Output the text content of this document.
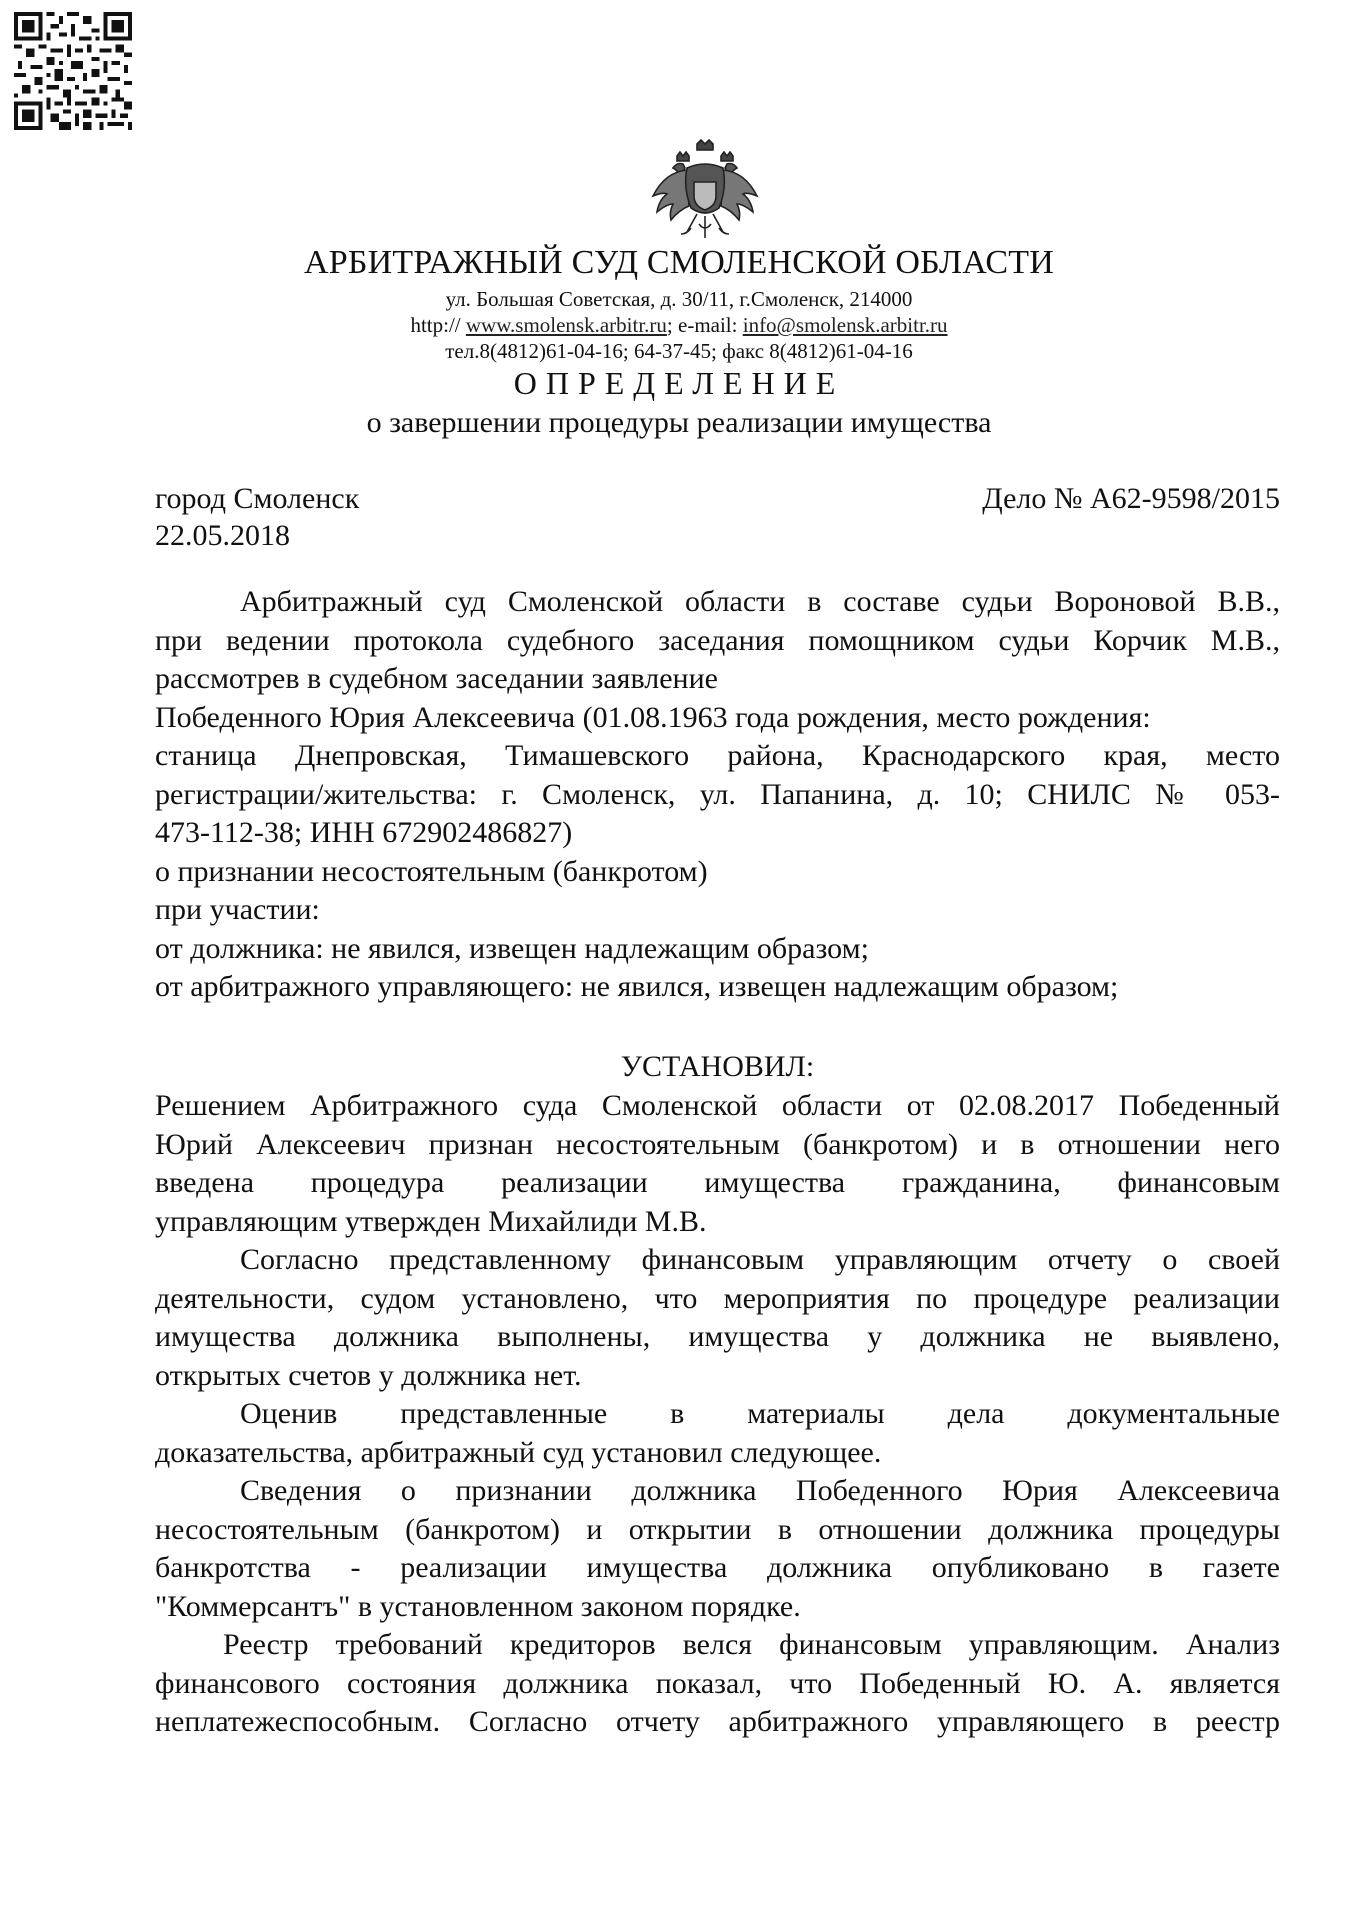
АРБИТРАЖНЫЙ СУД СМОЛЕНСКОЙ ОБЛАСТИ
ул. Большая Советская, д. 30/11, г.Смоленск, 214000
http:// www.smolensk.arbitr.ru; e-mail: info@smolensk.arbitr.ru
тел.8(4812)61-04-16; 64-37-45; факс 8(4812)61-04-16
ОПРЕДЕЛЕНИЕ
о завершении процедуры реализации имущества
город Смоленск
22.05.2018
Дело № А62-9598/2015
Арбитражный суд Смоленской области в составе судьи Вороновой В.В.,
при ведении протокола судебного заседания помощником судьи Корчик М.В.,
рассмотрев в судебном заседании заявление
Победенного Юрия Алексеевича (01.08.1963 года рождения, место рождения:
станица Днепровская, Тимашевского района, Краснодарского края, место
регистрации/жительства: г. Смоленск, ул. Папанина, д. 10; СНИЛС № 053-
473-112-38; ИНН 672902486827)
о признании несостоятельным (банкротом)
при участии:
от должника: не явился, извещен надлежащим образом;
от арбитражного управляющего: не явился, извещен надлежащим образом;
УСТАНОВИЛ:
Решением Арбитражного суда Смоленской области от 02.08.2017 Победенный
Юрий Алексеевич признан несостоятельным (банкротом) и в отношении него
введена процедура реализации имущества гражданина, финансовым
управляющим утвержден Михайлиди М.В.
Согласно представленному финансовым управляющим отчету о своей
деятельности, судом установлено, что мероприятия по процедуре реализации
имущества должника выполнены, имущества у должника не выявлено,
открытых счетов у должника нет.
Оценив представленные в материалы дела документальные
доказательства, арбитражный суд установил следующее.
Сведения о признании должника Победенного Юрия Алексеевича
несостоятельным (банкротом) и открытии в отношении должника процедуры
банкротства - реализации имущества должника опубликовано в газете
"Коммерсантъ" в установленном законом порядке.
Реестр требований кредиторов велся финансовым управляющим. Анализ
финансового состояния должника показал, что Победенный Ю. А. является
неплатежеспособным. Согласно отчету арбитражного управляющего в реестр
